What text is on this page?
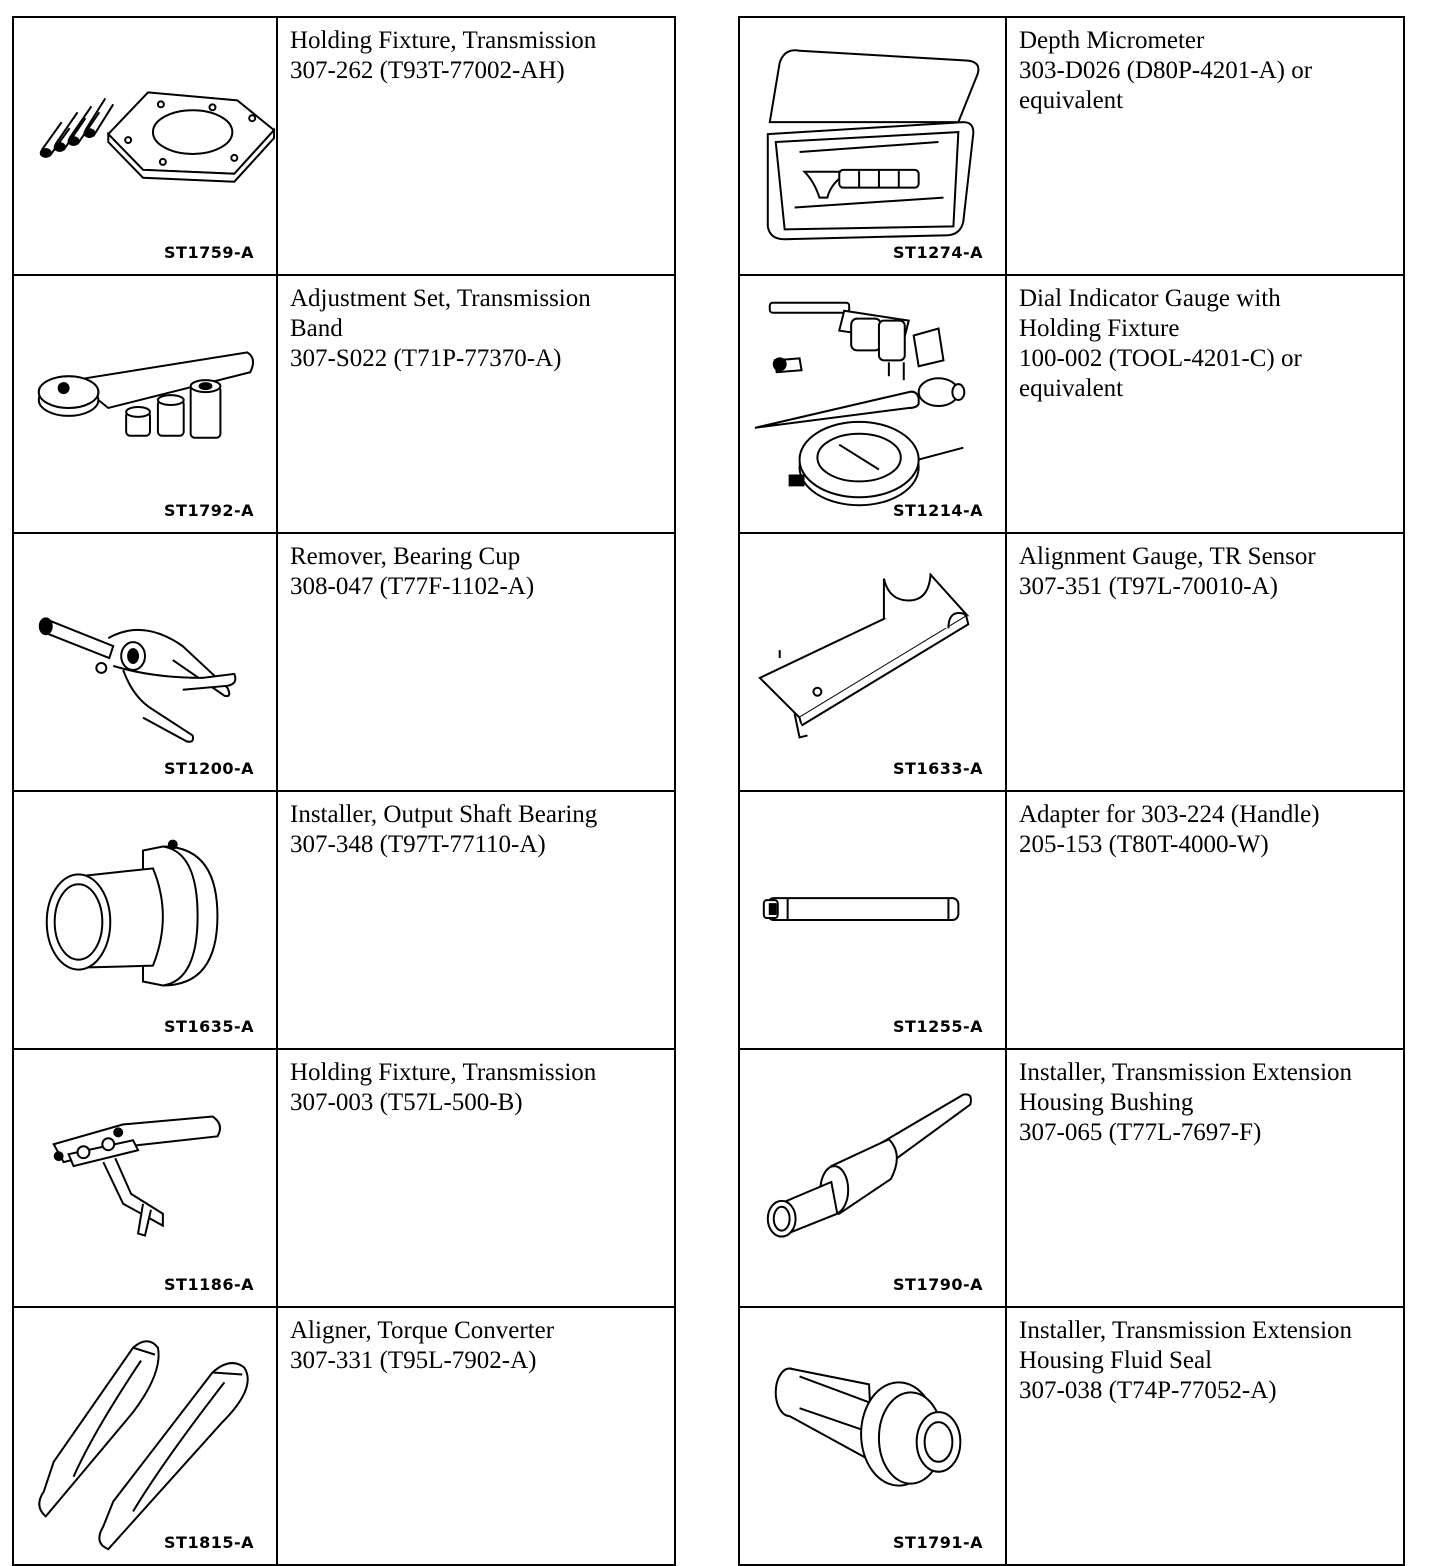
ST1759-A	Holding Fixture, Transmission
307-262 (T93T-77002-AH)

ST1792-A	Adjustment Set, Transmission
Band
307-S022 (T71P-77370-A)

ST1200-A	Remover, Bearing Cup
308-047 (T77F-1102-A)

ST1635-A	Installer, Output Shaft Bearing
307-348 (T97T-77110-A)

ST1186-A	Holding Fixture, Transmission
307-003 (T57L-500-B)

ST1815-A	Aligner, Torque Converter
307-331 (T95L-7902-A)
ST1274-A	Depth Micrometer
303-D026 (D80P-4201-A) or
equivalent

ST1214-A	Dial Indicator Gauge with
Holding Fixture
100-002 (TOOL-4201-C) or
equivalent

ST1633-A	Alignment Gauge, TR Sensor
307-351 (T97L-70010-A)

ST1255-A	Adapter for 303-224 (Handle)
205-153 (T80T-4000-W)

ST1790-A	Installer, Transmission Extension
Housing Bushing
307-065 (T77L-7697-F)

ST1791-A	Installer, Transmission Extension
Housing Fluid Seal
307-038 (T74P-77052-A)
